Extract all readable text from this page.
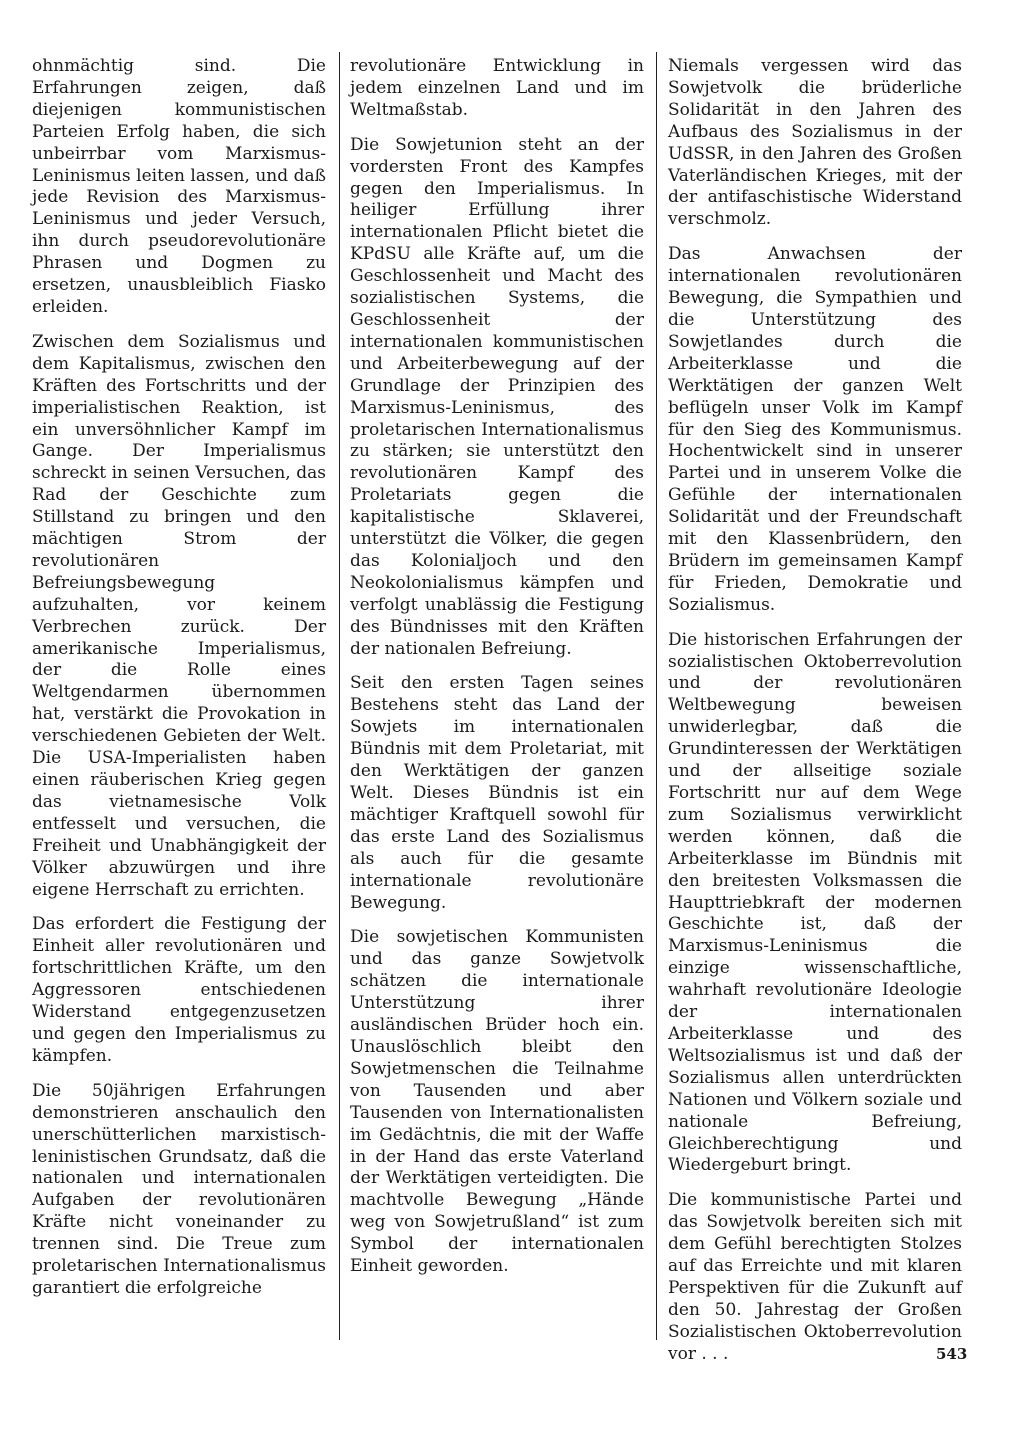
ohnmächtig sind. Die Erfahrungen zeigen, daß diejenigen kommunistischen Parteien Erfolg haben, die sich unbeirrbar vom Marxismus-Leninismus leiten lassen, und daß jede Revision des Marxismus-Leninismus und jeder Versuch, ihn durch pseudorevolutionäre Phrasen und Dogmen zu ersetzen, unausbleiblich Fiasko erleiden.

Zwischen dem Sozialismus und dem Kapitalismus, zwischen den Kräften des Fortschritts und der imperialistischen Reaktion, ist ein unversöhnlicher Kampf im Gange. Der Imperialismus schreckt in seinen Versuchen, das Rad der Geschichte zum Stillstand zu bringen und den mächtigen Strom der revolutionären Befreiungsbewegung aufzuhalten, vor keinem Verbrechen zurück. Der amerikanische Imperialismus, der die Rolle eines Weltgendarmen übernommen hat, verstärkt die Provokation in verschiedenen Gebieten der Welt. Die USA-Imperialisten haben einen räuberischen Krieg gegen das vietnamesische Volk entfesselt und versuchen, die Freiheit und Unabhängigkeit der Völker abzuwürgen und ihre eigene Herrschaft zu errichten.

Das erfordert die Festigung der Einheit aller revolutionären und fortschrittlichen Kräfte, um den Aggressoren entschiedenen Widerstand entgegenzusetzen und gegen den Imperialismus zu kämpfen.

Die 50jährigen Erfahrungen demonstrieren anschaulich den unerschütterlichen marxistisch-leninistischen Grundsatz, daß die nationalen und internationalen Aufgaben der revolutionären Kräfte nicht voneinander zu trennen sind. Die Treue zum proletarischen Internationalismus garantiert die erfolgreiche

revolutionäre Entwicklung in jedem einzelnen Land und im Weltmaßstab.

Die Sowjetunion steht an der vordersten Front des Kampfes gegen den Imperialismus. In heiliger Erfüllung ihrer internationalen Pflicht bietet die KPdSU alle Kräfte auf, um die Geschlossenheit und Macht des sozialistischen Systems, die Geschlossenheit der internationalen kommunistischen und Arbeiterbewegung auf der Grundlage der Prinzipien des Marxismus-Leninismus, des proletarischen Internationalismus zu stärken; sie unterstützt den revolutionären Kampf des Proletariats gegen die kapitalistische Sklaverei, unterstützt die Völker, die gegen das Kolonialjoch und den Neokolonialismus kämpfen und verfolgt unablässig die Festigung des Bündnisses mit den Kräften der nationalen Befreiung.

Seit den ersten Tagen seines Bestehens steht das Land der Sowjets im internationalen Bündnis mit dem Proletariat, mit den Werktätigen der ganzen Welt. Dieses Bündnis ist ein mächtiger Kraftquell sowohl für das erste Land des Sozialismus als auch für die gesamte internationale revolutionäre Bewegung.

Die sowjetischen Kommunisten und das ganze Sowjetvolk schätzen die internationale Unterstützung ihrer ausländischen Brüder hoch ein. Unauslöschlich bleibt den Sowjetmenschen die Teilnahme von Tausenden und aber Tausenden von Internationalisten im Gedächtnis, die mit der Waffe in der Hand das erste Vaterland der Werktätigen verteidigten. Die machtvolle Bewegung „Hände weg von Sowjetrußland“ ist zum Symbol der internationalen Einheit geworden.

Niemals vergessen wird das Sowjetvolk die brüderliche Solidarität in den Jahren des Aufbaus des Sozialismus in der UdSSR, in den Jahren des Großen Vaterländischen Krieges, mit der der antifaschistische Widerstand verschmolz.

Das Anwachsen der internationalen revolutionären Bewegung, die Sympathien und die Unterstützung des Sowjetlandes durch die Arbeiterklasse und die Werktätigen der ganzen Welt beflügeln unser Volk im Kampf für den Sieg des Kommunismus. Hochentwickelt sind in unserer Partei und in unserem Volke die Gefühle der internationalen Solidarität und der Freundschaft mit den Klassenbrüdern, den Brüdern im gemeinsamen Kampf für Frieden, Demokratie und Sozialismus.

Die historischen Erfahrungen der sozialistischen Oktoberrevolution und der revolutionären Weltbewegung beweisen unwiderlegbar, daß die Grundinteressen der Werktätigen und der allseitige soziale Fortschritt nur auf dem Wege zum Sozialismus verwirklicht werden können, daß die Arbeiterklasse im Bündnis mit den breitesten Volksmassen die Haupttriebkraft der modernen Geschichte ist, daß der Marxismus-Leninismus die einzige wissenschaftliche, wahrhaft revolutionäre Ideologie der internationalen Arbeiterklasse und des Weltsozialismus ist und daß der Sozialismus allen unterdrückten Nationen und Völkern soziale und nationale Befreiung, Gleichberechtigung und Wiedergeburt bringt.

Die kommunistische Partei und das Sowjetvolk bereiten sich mit dem Gefühl berechtigten Stolzes auf das Erreichte und mit klaren Perspektiven für die Zukunft auf den 50. Jahrestag der Großen Sozialistischen Oktoberrevolution vor . . .	543
